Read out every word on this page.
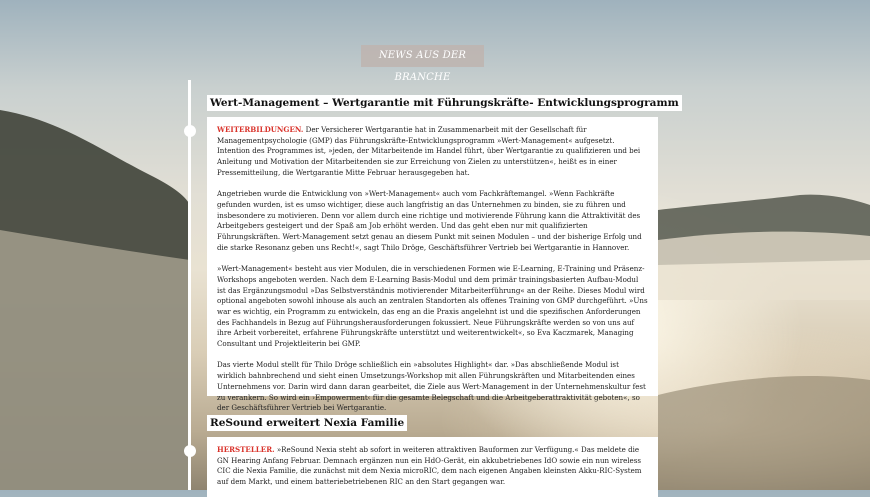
NEWS AUS DER BRANCHE
Wert-Management – Wertgarantie mit Führungskräfte- Entwicklungsprogramm

WEITERBILDUNGEN. Der Versicherer Wertgarantie hat in Zusammenarbeit mit der Gesellschaft für Managementpsychologie (GMP) das Führungskräfte-Entwicklungsprogramm »Wert-Management« aufgesetzt. Intention des Programmes ist, »jeden, der Mitarbeitende im Handel führt, über Wertgarantie zu qualifizieren und bei Anleitung und Motivation der Mitarbeitenden sie zur Erreichung von Zielen zu unterstützen«, heißt es in einer Pressemitteilung, die Wertgarantie Mitte Februar herausgegeben hat.

Angetrieben wurde die Entwicklung von »Wert-Management« auch vom Fachkräftemangel. »Wenn Fachkräfte gefunden wurden, ist es umso wichtiger, diese auch langfristig an das Unternehmen zu binden, sie zu führen und insbesondere zu motivieren. Denn vor allem durch eine richtige und motivierende Führung kann die Attraktivität des Arbeitgebers gesteigert und der Spaß am Job erhöht werden. Und das geht eben nur mit qualifizierten Führungskräften. Wert-Management setzt genau an diesem Punkt mit seinen Modulen – und der bisherige Erfolg und die starke Resonanz geben uns Recht!«, sagt Thilo Dröge, Geschäftsführer Vertrieb bei Wertgarantie in Hannover.

»Wert-Management« besteht aus vier Modulen, die in verschiedenen Formen wie E-Learning, E-Training und Präsenz-Workshops angeboten werden. Nach dem E-Learning Basis-Modul und dem primär trainingsbasierten Aufbau-Modul ist das Ergänzungsmodul »Das Selbstverständnis motivierender Mitarbeiterführung« an der Reihe. Dieses Modul wird optional angeboten sowohl inhouse als auch an zentralen Standorten als offenes Training von GMP durchgeführt. »Uns war es wichtig, ein Programm zu entwickeln, das eng an die Praxis angelehnt ist und die spezifischen Anforderungen des Fachhandels in Bezug auf Führungsherausforderungen fokussiert. Neue Führungskräfte werden so von uns auf ihre Arbeit vorbereitet, erfahrene Führungskräfte unterstützt und weiterentwickelt«, so Eva Kaczmarek, Managing Consultant und Projektleiterin bei GMP.

Das vierte Modul stellt für Thilo Dröge schließlich ein »absolutes Highlight« dar. »Das abschließende Modul ist wirklich bahnbrechend und sieht einen Umsetzungs-Workshop mit allen Führungskräften und Mitarbeitenden eines Unternehmens vor. Darin wird dann daran gearbeitet, die Ziele aus Wert-Management in der Unternehmenskultur fest zu verankern. So wird ein ›Empowerment‹ für die gesamte Belegschaft und die Arbeitgeberattraktivität geboten«, so der Geschäftsführer Vertrieb bei Wertgarantie.

ReSound erweitert Nexia Familie

HERSTELLER. »ReSound Nexia steht ab sofort in weiteren attraktiven Bauformen zur Verfügung.« Das meldete die GN Hearing Anfang Februar. Demnach ergänzen nun ein HdO-Gerät, ein akkubetriebenes IdO sowie ein nun wireless CIC die Nexia Familie, die zunächst mit dem Nexia microRIC, dem nach eigenen Angaben kleinsten Akku-RIC-System auf dem Markt, und einem batteriebetriebenen RIC an den Start gegangen war.
